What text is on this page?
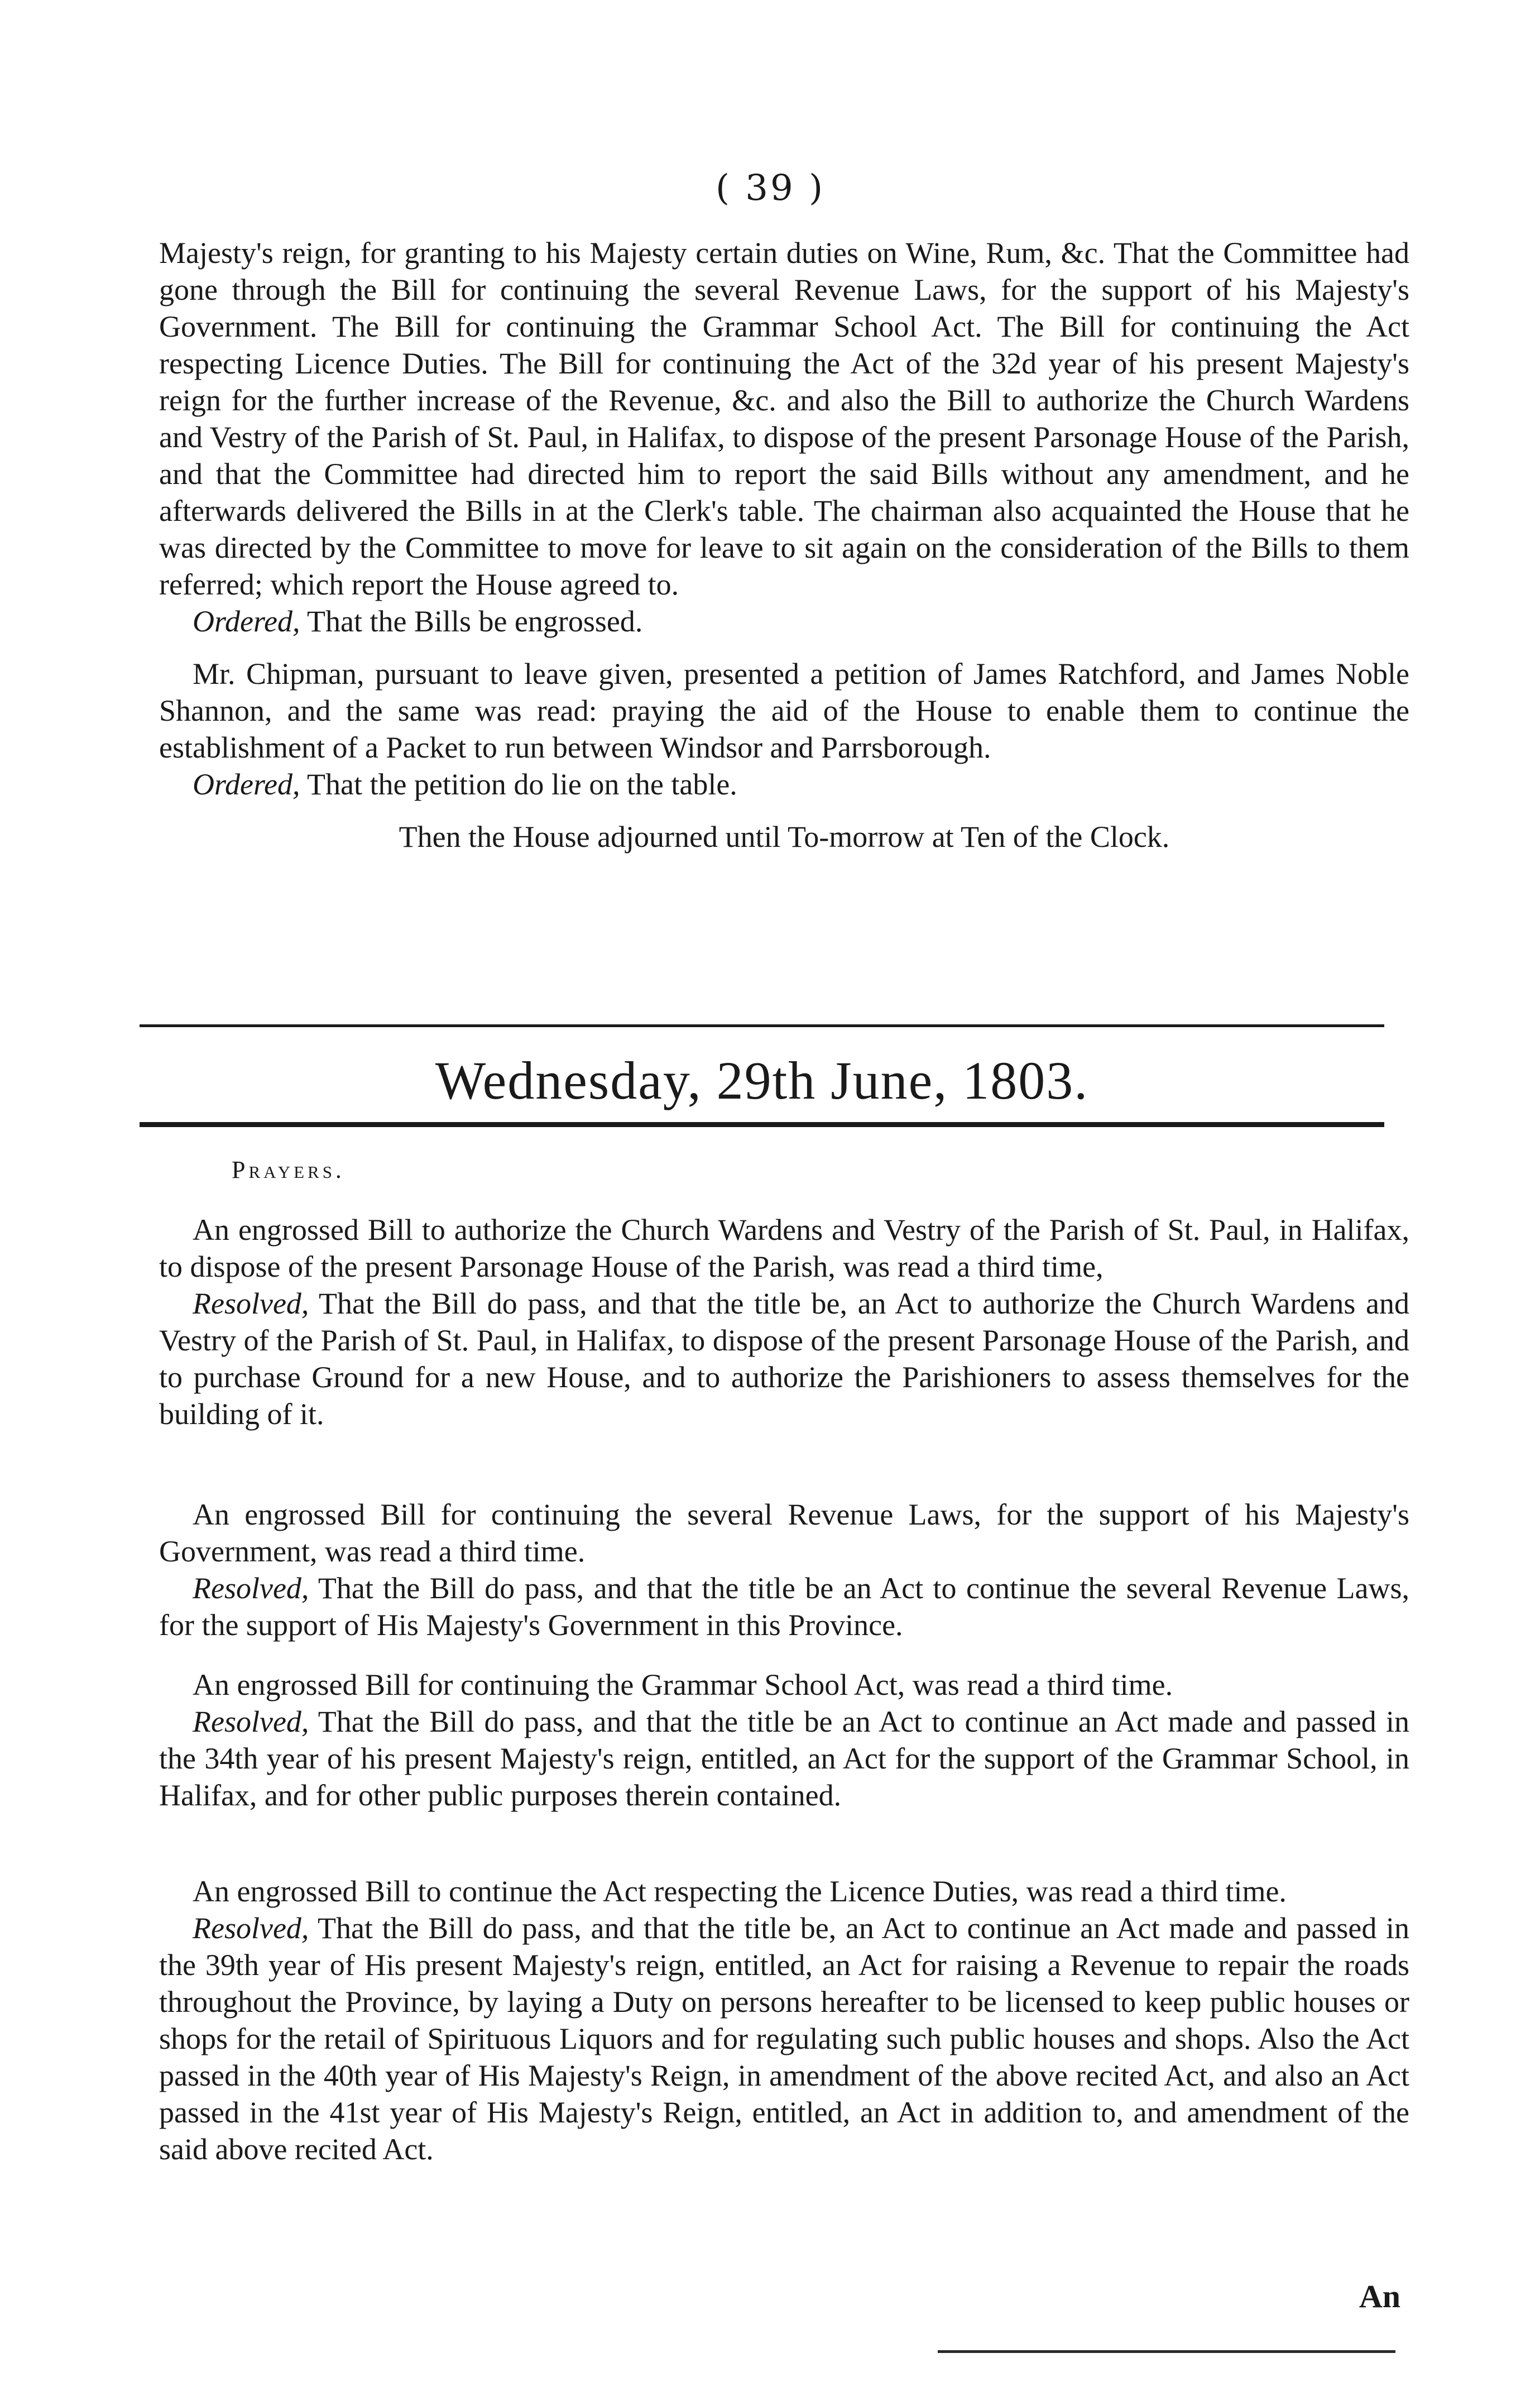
( 39 )

Majesty's reign, for granting to his Majesty certain duties on Wine, Rum, &c. That the Committee had gone through the Bill for continuing the several Revenue Laws, for the support of his Majesty's Government. The Bill for continuing the Grammar School Act. The Bill for continuing the Act respecting Licence Duties. The Bill for continuing the Act of the 32d year of his present Majesty's reign for the further increase of the Revenue, &c. and also the Bill to authorize the Church Wardens and Vestry of the Parish of St. Paul, in Halifax, to dispose of the present Parsonage House of the Parish, and that the Committee had directed him to report the said Bills without any amendment, and he afterwards delivered the Bills in at the Clerk's table. The chairman also acquainted the House that he was directed by the Committee to move for leave to sit again on the consideration of the Bills to them referred; which report the House agreed to.

Ordered, That the Bills be engrossed.

Mr. Chipman, pursuant to leave given, presented a petition of James Ratchford, and James Noble Shannon, and the same was read: praying the aid of the House to enable them to continue the establishment of a Packet to run between Windsor and Parrsborough.

Ordered, That the petition do lie on the table.

Then the House adjourned until To-morrow at Ten of the Clock.

Wednesday, 29th June, 1803.
Prayers.

An engrossed Bill to authorize the Church Wardens and Vestry of the Parish of St. Paul, in Halifax, to dispose of the present Parsonage House of the Parish, was read a third time,

Resolved, That the Bill do pass, and that the title be, an Act to authorize the Church Wardens and Vestry of the Parish of St. Paul, in Halifax, to dispose of the present Parsonage House of the Parish, and to purchase Ground for a new House, and to authorize the Parishioners to assess themselves for the building of it.

An engrossed Bill for continuing the several Revenue Laws, for the support of his Majesty's Government, was read a third time.

Resolved, That the Bill do pass, and that the title be an Act to continue the several Revenue Laws, for the support of His Majesty's Government in this Province.

An engrossed Bill for continuing the Grammar School Act, was read a third time.

Resolved, That the Bill do pass, and that the title be an Act to continue an Act made and passed in the 34th year of his present Majesty's reign, entitled, an Act for the support of the Grammar School, in Halifax, and for other public purposes therein contained.

An engrossed Bill to continue the Act respecting the Licence Duties, was read a third time.

Resolved, That the Bill do pass, and that the title be, an Act to continue an Act made and passed in the 39th year of His present Majesty's reign, entitled, an Act for raising a Revenue to repair the roads throughout the Province, by laying a Duty on persons hereafter to be licensed to keep public houses or shops for the retail of Spirituous Liquors and for regulating such public houses and shops. Also the Act passed in the 40th year of His Majesty's Reign, in amendment of the above recited Act, and also an Act passed in the 41st year of His Majesty's Reign, entitled, an Act in addition to, and amendment of the said above recited Act.

An
